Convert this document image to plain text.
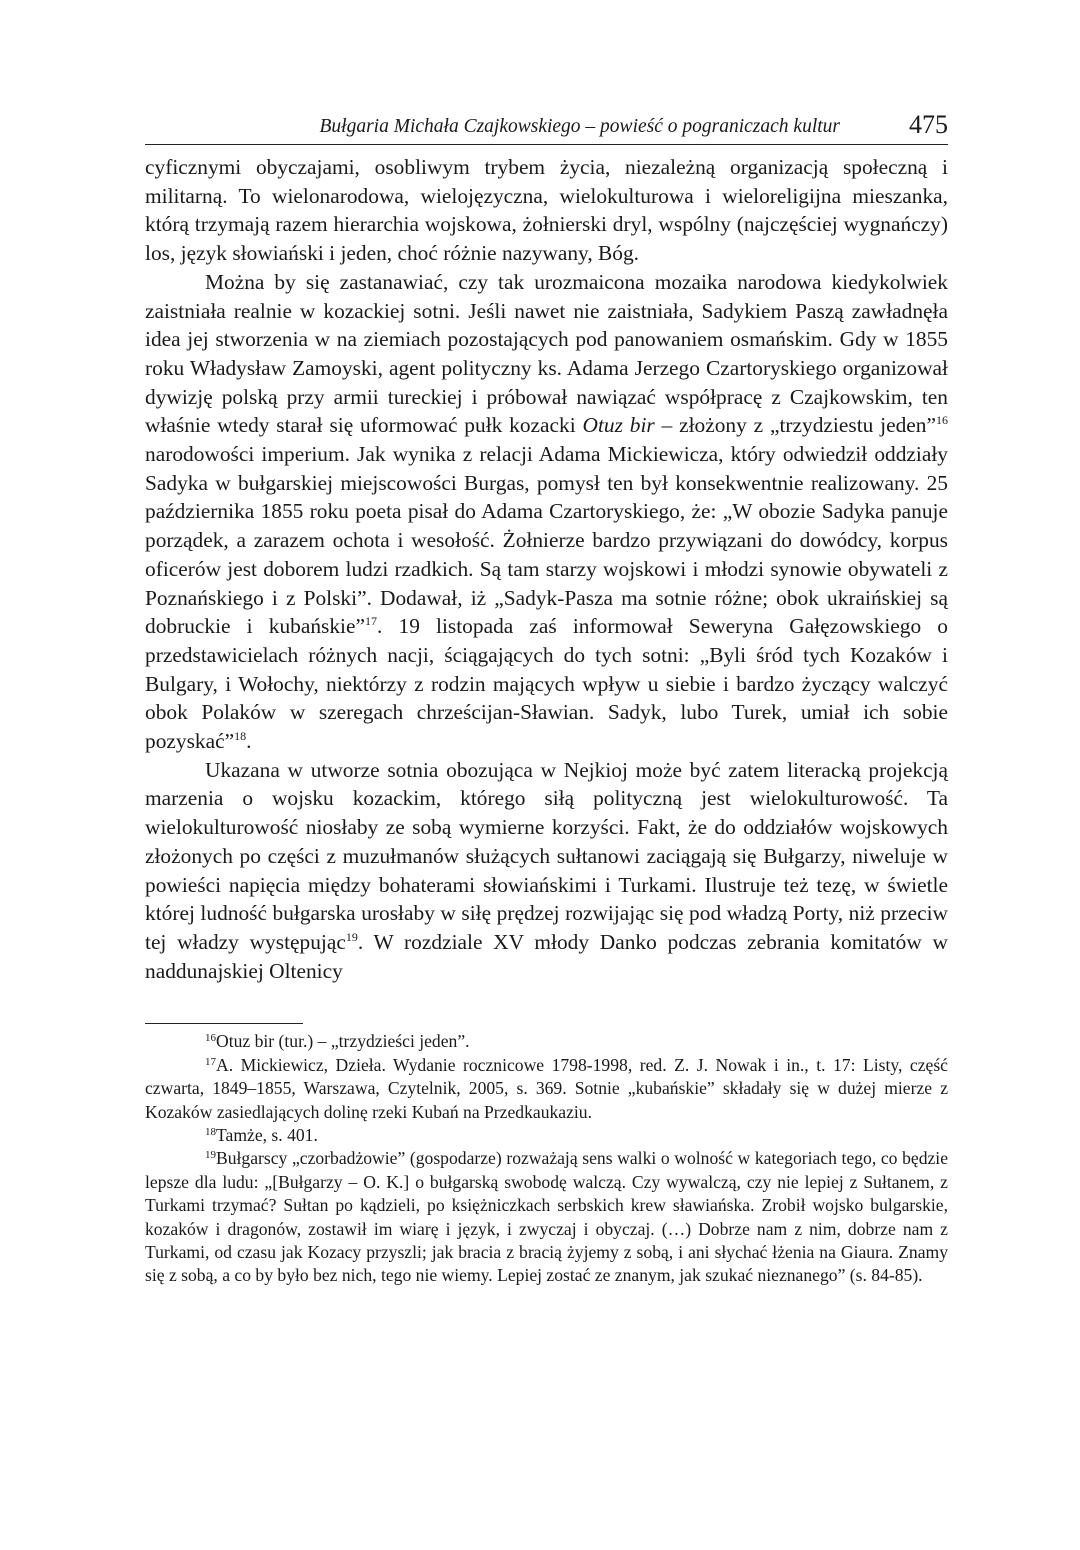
Bułgaria Michała Czajkowskiego – powieść o pograniczach kultur	475

cyficznymi obyczajami, osobliwym trybem życia, niezależną organizacją społeczną i militarną. To wielonarodowa, wielojęzyczna, wielokulturowa i wieloreligijna mieszanka, którą trzymają razem hierarchia wojskowa, żołnierski dryl, wspólny (najczęściej wygnańczy) los, język słowiański i jeden, choć różnie nazywany, Bóg.

Można by się zastanawiać, czy tak urozmaicona mozaika narodowa kiedykolwiek zaistniała realnie w kozackiej sotni. Jeśli nawet nie zaistniała, Sadykiem Paszą zawładnęła idea jej stworzenia w na ziemiach pozostających pod panowaniem osmańskim. Gdy w 1855 roku Władysław Zamoyski, agent polityczny ks. Adama Jerzego Czartoryskiego organizował dywizję polską przy armii tureckiej i próbował nawiązać współpracę z Czajkowskim, ten właśnie wtedy starał się uformować pułk kozacki Otuz bir – złożony z „trzydziestu jeden”$^{16}$ narodowości imperium. Jak wynika z relacji Adama Mickiewicza, który odwiedził oddziały Sadyka w bułgarskiej miejscowości Burgas, pomysł ten był konsekwentnie realizowany. 25 października 1855 roku poeta pisał do Adama Czartoryskiego, że: „W obozie Sadyka panuje porządek, a zarazem ochota i wesołość. Żołnierze bardzo przywiązani do dowódcy, korpus oficerów jest doborem ludzi rzadkich. Są tam starzy wojskowi i młodzi synowie obywateli z Poznańskiego i z Polski”. Dodawał, iż „Sadyk-Pasza ma sotnie różne; obok ukraińskiej są dobruckie i kubańskie”$^{17}$. 19 listopada zaś informował Seweryna Gałęzowskiego o przedstawicielach różnych nacji, ściągających do tych sotni: „Byli śród tych Kozaków i Bulgary, i Wołochy, niektórzy z rodzin mających wpływ u siebie i bardzo życzący walczyć obok Polaków w szeregach chrześcijan-Sławian. Sadyk, lubo Turek, umiał ich sobie pozyskać”$^{18}$.

Ukazana w utworze sotnia obozująca w Nejkioj może być zatem literacką projekcją marzenia o wojsku kozackim, którego siłą polityczną jest wielokulturowość. Ta wielokulturowość niosłaby ze sobą wymierne korzyści. Fakt, że do oddziałów wojskowych złożonych po części z muzułmanów służących sułtanowi zaciągają się Bułgarzy, niweluje w powieści napięcia między bohaterami słowiańskimi i Turkami. Ilustruje też tezę, w świetle której ludność bułgarska urosłaby w siłę prędzej rozwijając się pod władzą Porty, niż przeciw tej władzy występując$^{19}$. W rozdziale XV młody Danko podczas zebrania komitatów w naddunajskiej Oltenicy

$^{16}$Otuz bir (tur.) – „trzydzieści jeden”.

$^{17}$A. Mickiewicz, Dzieła. Wydanie rocznicowe 1798-1998, red. Z. J. Nowak i in., t. 17: Listy, część czwarta, 1849–1855, Warszawa, Czytelnik, 2005, s. 369. Sotnie „kubańskie” składały się w dużej mierze z Kozaków zasiedlających dolinę rzeki Kubań na Przedkaukaziu.

$^{18}$Tamże, s. 401.

$^{19}$Bułgarscy „czorbadżowie” (gospodarze) rozważają sens walki o wolność w kategoriach tego, co będzie lepsze dla ludu: „[Bułgarzy – O. K.] o bułgarską swobodę walczą. Czy wywalczą, czy nie lepiej z Sułtanem, z Turkami trzymać? Sułtan po kądzieli, po księżniczkach serbskich krew sławiańska. Zrobił wojsko bulgarskie, kozaków i dragonów, zostawił im wiarę i język, i zwyczaj i obyczaj. (…) Dobrze nam z nim, dobrze nam z Turkami, od czasu jak Kozacy przyszli; jak bracia z bracią żyjemy z sobą, i ani słychać łżenia na Giaura. Znamy się z sobą, a co by było bez nich, tego nie wiemy. Lepiej zostać ze znanym, jak szukać nieznanego” (s. 84-85).
